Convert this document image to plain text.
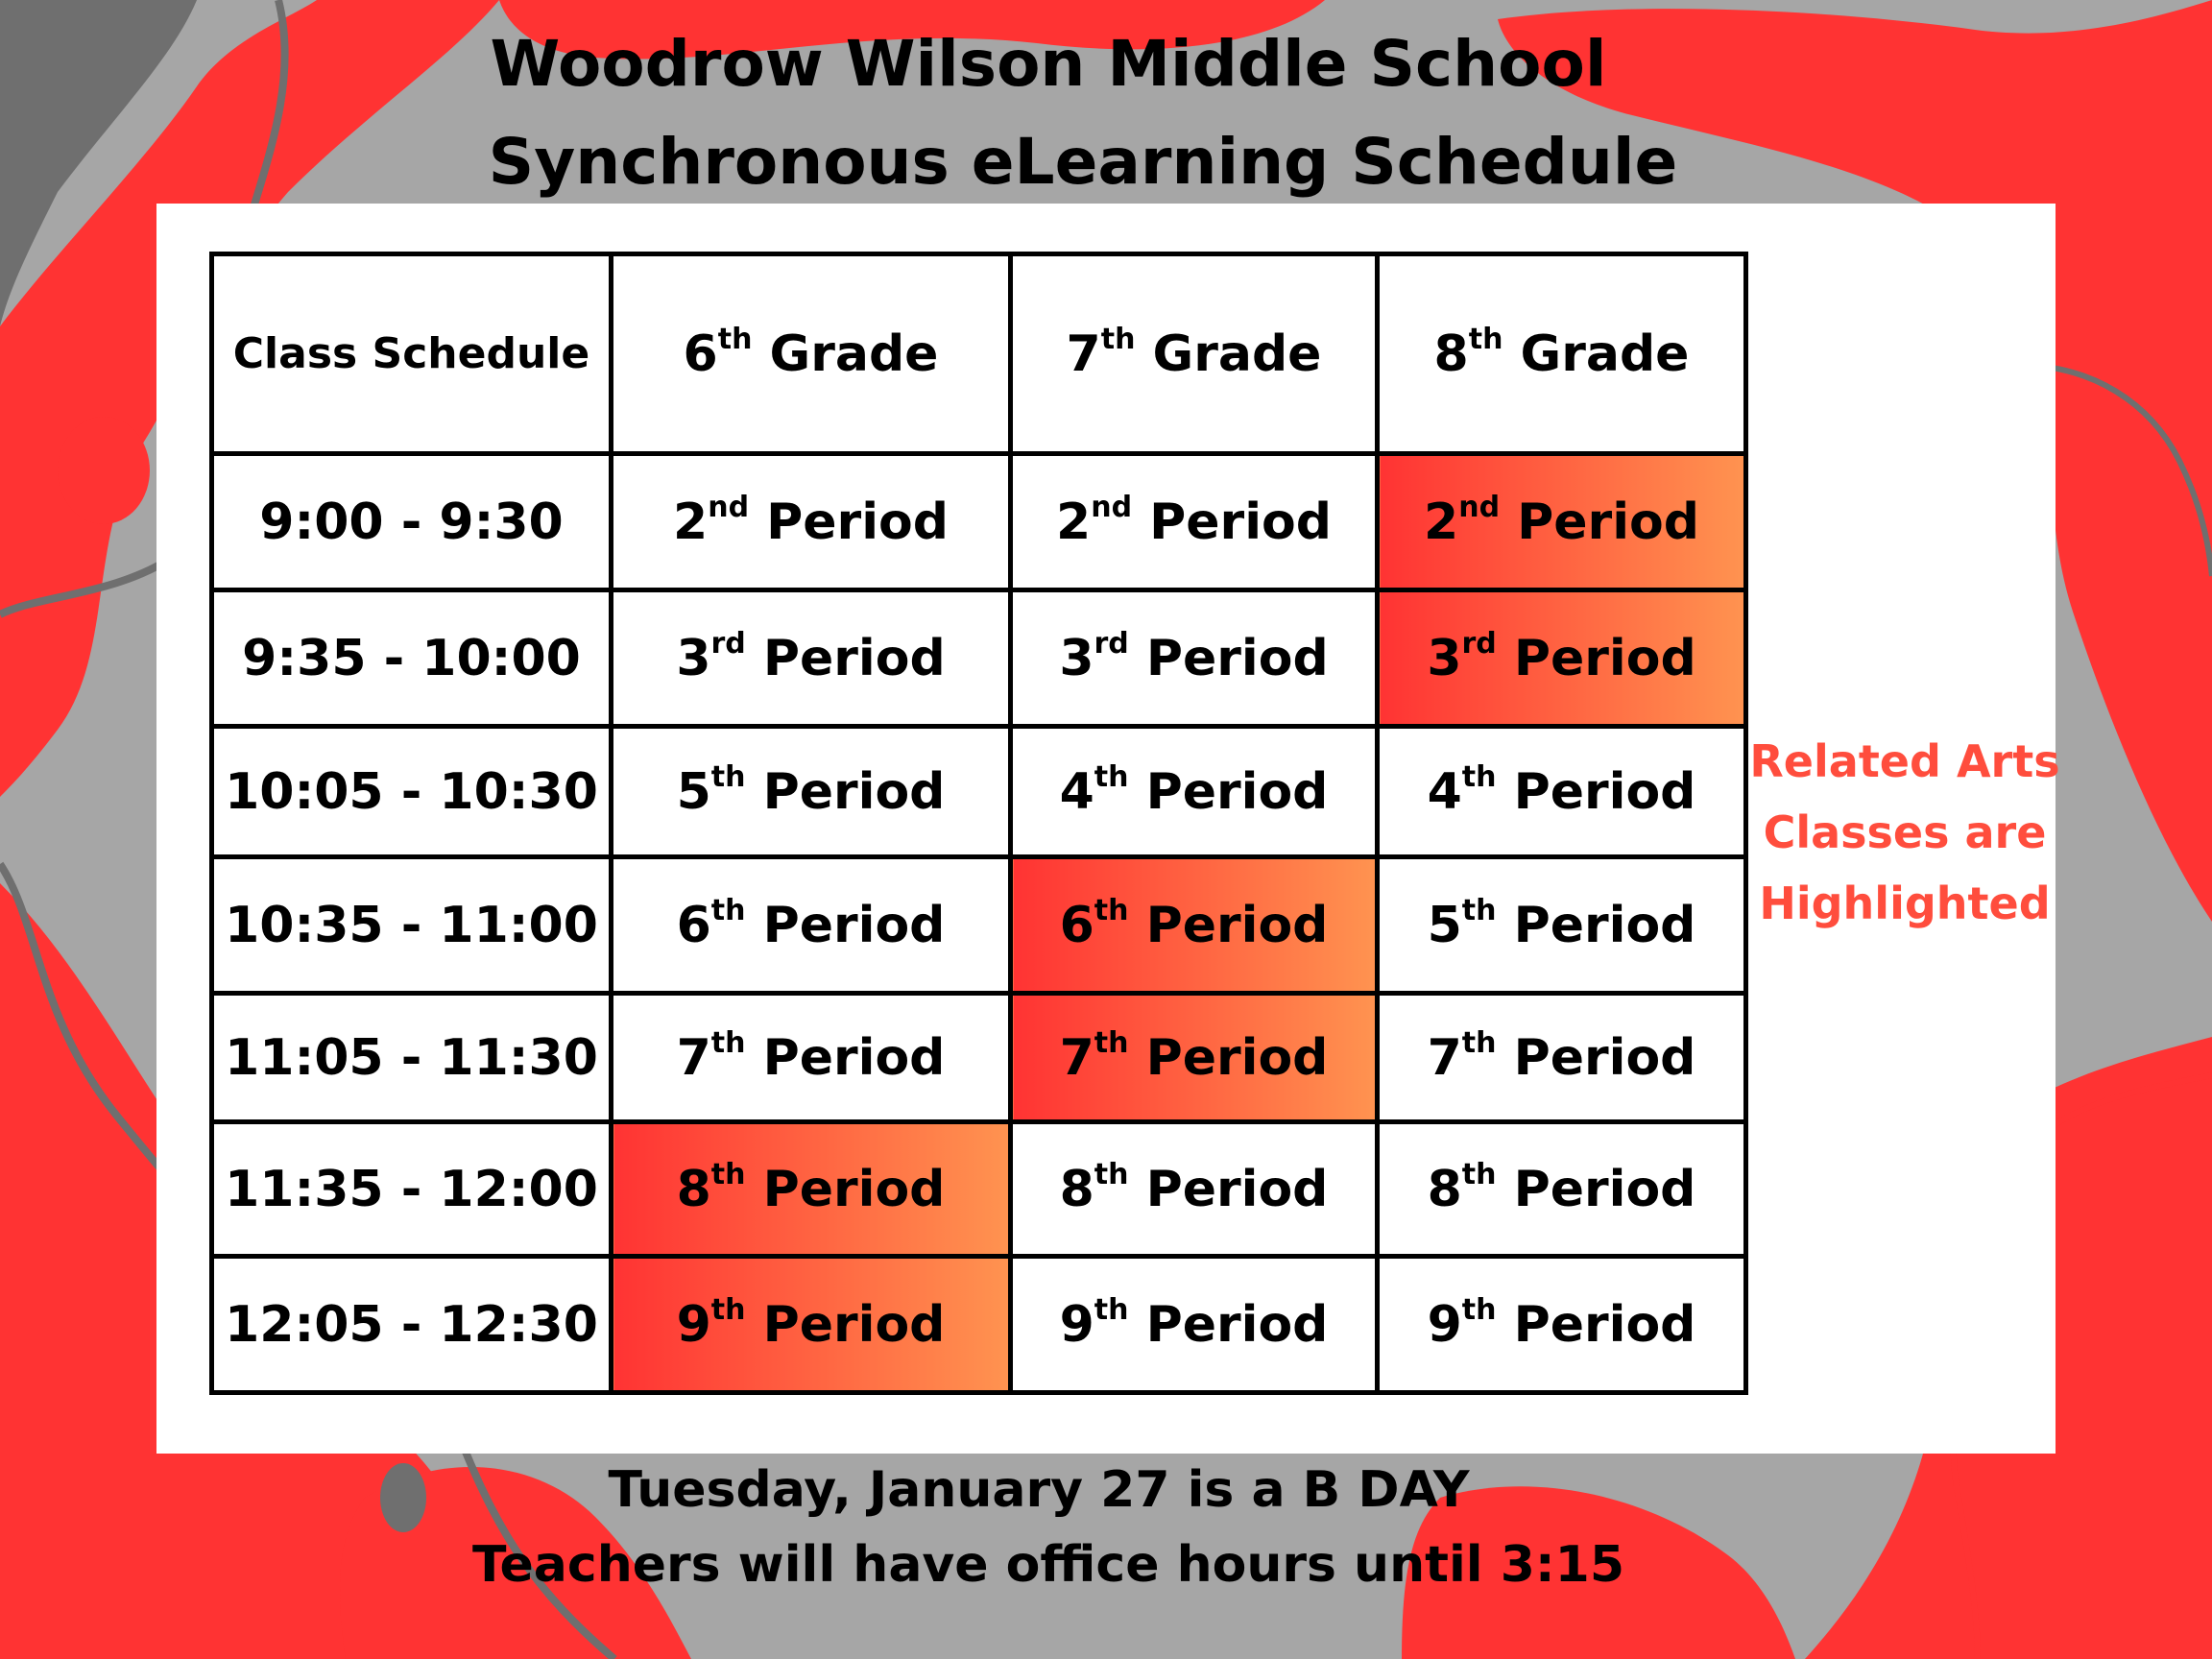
Woodrow Wilson Middle School
Synchronous eLearning Schedule
Class Schedule	6th Grade	7th Grade	8th Grade
9:00 - 9:30	2nd Period	2nd Period	2nd Period
9:35 - 10:00	3rd Period	3rd Period	3rd Period
10:05 - 10:30	5th Period	4th Period	4th Period
10:35 - 11:00	6th Period	6th Period	5th Period
11:05 - 11:30	7th Period	7th Period	7th Period
11:35 - 12:00	8th Period	8th Period	8th Period
12:05 - 12:30	9th Period	9th Period	9th Period
Related Arts
Classes are
Highlighted
Tuesday, January 27 is a B DAY
Teachers will have office hours until 3:15
